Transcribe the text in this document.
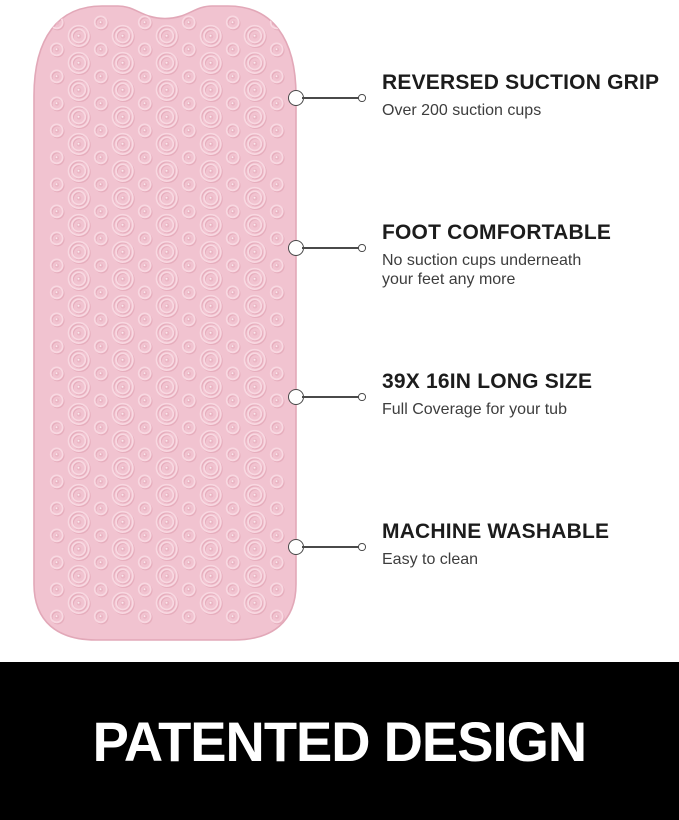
REVERSED SUCTION GRIP
Over 200 suction cups
FOOT COMFORTABLE
No suction cups underneath your feet any more
39X 16IN LONG SIZE
Full Coverage for your tub
MACHINE WASHABLE
Easy to clean
PATENTED DESIGN
